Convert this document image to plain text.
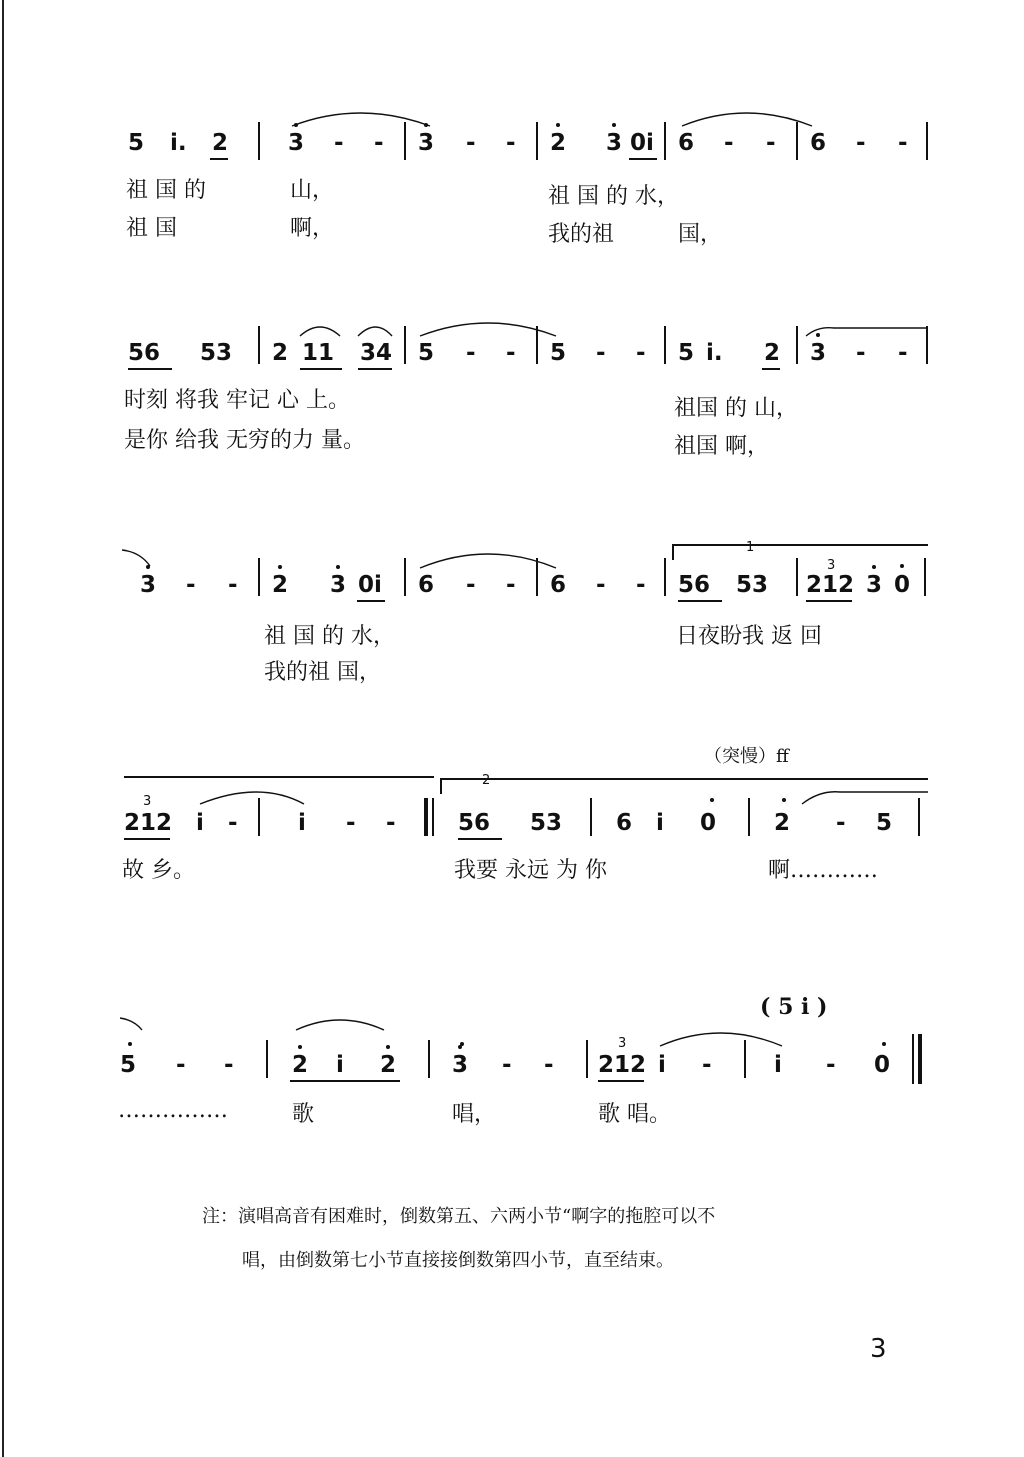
5 i. 2	3 - - 3 - - 2 3 0i 6 - - 6 - -
祖 国 的	山，	祖 国 的 水，
祖 国	啊，	我的祖	国，
56 53 2 11 34 5 - - 5 - - 5 i. 2 3 - -
时刻 将我 牢记 心 上。	祖国 的 山，
是你 给我 无穷的力 量。	祖国 啊，
3 - - 2 3 0i 6 - - 6 - -
1
56 53 212
3
3 0
祖 国 的 水，	日夜盼我 返 回
我的祖 国，
（突慢）ff
2
212
3
i -	i - -	56 53 6 i 0	2 - 5
故 乡。	我要 永远 为 你	啊…………
( 5 i )
5 - -	2 i 2 3 - - 212
3
i -	i - 0
……………	歌	唱，	歌 唱。
注：演唱高音有困难时，倒数第五、六两小节“啊字的拖腔可以不
唱，由倒数第七小节直接接倒数第四小节，直至结束。
3
